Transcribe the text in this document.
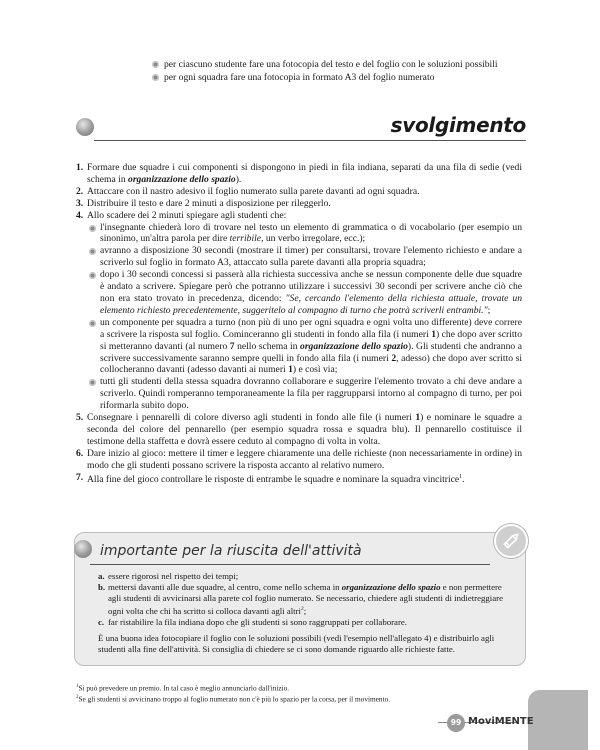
per ciascuno studente fare una fotocopia del testo e del foglio con le soluzioni possibili
per ogni squadra fare una fotocopia in formato A3 del foglio numerato
svolgimento
1. Formare due squadre i cui componenti si dispongono in piedi in fila indiana, separati da una fila di sedie (vedi schema in organizzazione dello spazio).
2. Attaccare con il nastro adesivo il foglio numerato sulla parete davanti ad ogni squadra.
3. Distribuire il testo e dare 2 minuti a disposizione per rileggerlo.
4. Allo scadere dei 2 minuti spiegare agli studenti che:
l'insegnante chiederà loro di trovare nel testo un elemento di grammatica o di vocabolario (per esempio un sinonimo, un'altra parola per dire terribile, un verbo irregolare, ecc.);
avranno a disposizione 30 secondi (mostrare il timer) per consultarsi, trovare l'elemento richiesto e andare a scriverlo sul foglio in formato A3, attaccato sulla parete davanti alla propria squadra;
dopo i 30 secondi concessi si passerà alla richiesta successiva anche se nessun componente delle due squadre è andato a scrivere. Spiegare però che potranno utilizzare i successivi 30 secondi per scrivere anche ciò che non era stato trovato in precedenza, dicendo: "Se, cercando l'elemento della richiesta attuale, trovate un elemento richiesto precedentemente, suggeritelo al compagno di turno che potrà scriverli entrambi.";
un componente per squadra a turno (non più di uno per ogni squadra e ogni volta uno differente) deve correre a scrivere la risposta sul foglio. Cominceranno gli studenti in fondo alla fila (i numeri 1) che dopo aver scritto si metteranno davanti (al numero 7 nello schema in organizzazione dello spazio). Gli studenti che andranno a scrivere successivamente saranno sempre quelli in fondo alla fila (i numeri 2, adesso) che dopo aver scritto si collocheranno davanti (adesso davanti ai numeri 1) e così via;
tutti gli studenti della stessa squadra dovranno collaborare e suggerire l'elemento trovato a chi deve andare a scriverlo. Quindi romperanno temporaneamente la fila per raggrupparsi intorno al compagno di turno, per poi riformarla subito dopo.
5. Consegnare i pennarelli di colore diverso agli studenti in fondo alle file (i numeri 1) e nominare le squadre a seconda del colore del pennarello (per esempio squadra rossa e squadra blu). Il pennarello costituisce il testimone della staffetta e dovrà essere ceduto al compagno di volta in volta.
6. Dare inizio al gioco: mettere il timer e leggere chiaramente una delle richieste (non necessariamente in ordine) in modo che gli studenti possano scrivere la risposta accanto al relativo numero.
7. Alla fine del gioco controllare le risposte di entrambe le squadre e nominare la squadra vincitrice$^1$.
importante per la riuscita dell'attività
a. essere rigorosi nel rispetto dei tempi;
b. mettersi davanti alle due squadre, al centro, come nello schema in organizzazione dello spazio e non permettere agli studenti di avvicinarsi alla parete col foglio numerato. Se necessario, chiedere agli studenti di indietreggiare ogni volta che chi ha scritto si colloca davanti agli altri$^2$;
c. far ristabilire la fila indiana dopo che gli studenti si sono raggruppati per collaborare.
È una buona idea fotocopiare il foglio con le soluzioni possibili (vedi l'esempio nell'allegato 4) e distribuirlo agli studenti alla fine dell'attività. Si consiglia di chiedere se ci sono domande riguardo alle richieste fatte.
$^1$Si può prevedere un premio. In tal caso è meglio annunciarlo dall'inizio.
$^2$Se gli studenti si avvicinano troppo al foglio numerato non c'è più lo spazio per la corsa, per il movimento.
99 MoviMENTE
